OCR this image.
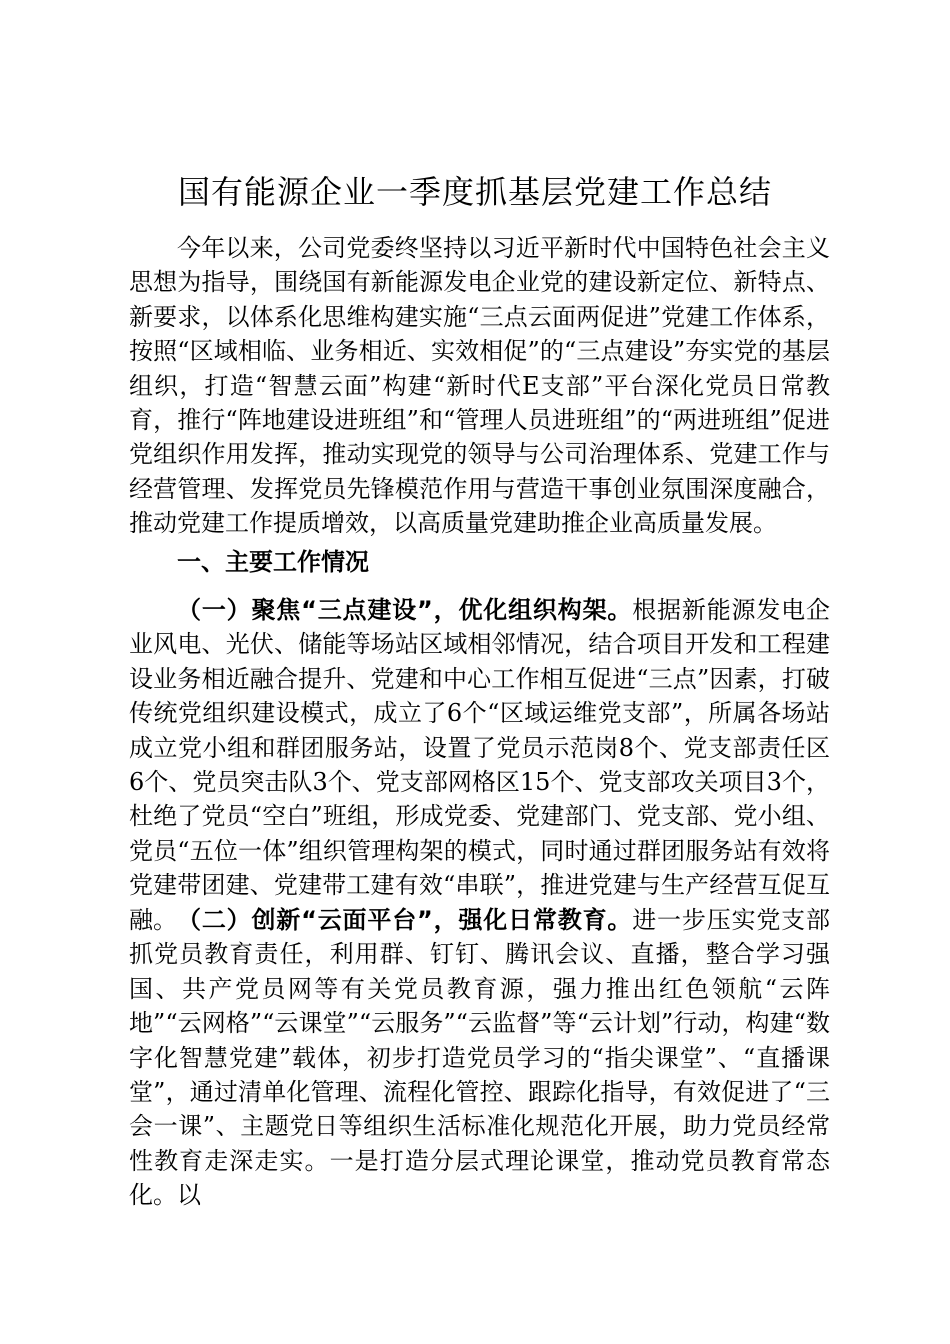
国有能源企业一季度抓基层党建工作总结

今年以来，公司党委终坚持以习近平新时代中国特色社会主义思想为指导，围绕国有新能源发电企业党的建设新定位、新特点、新要求，以体系化思维构建实施“三点云面两促进”党建工作体系，按照“区域相临、业务相近、实效相促”的“三点建设”夯实党的基层组织，打造“智慧云面”构建“新时代E支部”平台深化党员日常教育，推行“阵地建设进班组”和“管理人员进班组”的“两进班组”促进党组织作用发挥，推动实现党的领导与公司治理体系、党建工作与经营管理、发挥党员先锋模范作用与营造干事创业氛围深度融合，推动党建工作提质增效，以高质量党建助推企业高质量发展。

一、主要工作情况

（一）聚焦“三点建设”，优化组织构架。根据新能源发电企业风电、光伏、储能等场站区域相邻情况，结合项目开发和工程建设业务相近融合提升、党建和中心工作相互促进“三点”因素，打破传统党组织建设模式，成立了6个“区域运维党支部”，所属各场站成立党小组和群团服务站，设置了党员示范岗8个、党支部责任区6个、党员突击队3个、党支部网格区15个、党支部攻关项目3个，杜绝了党员“空白”班组，形成党委、党建部门、党支部、党小组、党员“五位一体”组织管理构架的模式，同时通过群团服务站有效将党建带团建、党建带工建有效“串联”，推进党建与生产经营互促互融。 （二）创新“云面平台”，强化日常教育。进一步压实党支部抓党员教育责任，利用群、钉钉、腾讯会议、直播，整合学习强国、共产党员网等有关党员教育源，强力推出红色领航“云阵地”“云网格”“云课堂”“云服务”“云监督”等“云计划”行动，构建“数字化智慧党建”载体，初步打造党员学习的“指尖课堂”、“直播课堂”，通过清单化管理、流程化管控、跟踪化指导，有效促进了“三会一课”、主题党日等组织生活标准化规范化开展，助力党员经常性教育走深走实。一是打造分层式理论课堂，推动党员教育常态化。以
